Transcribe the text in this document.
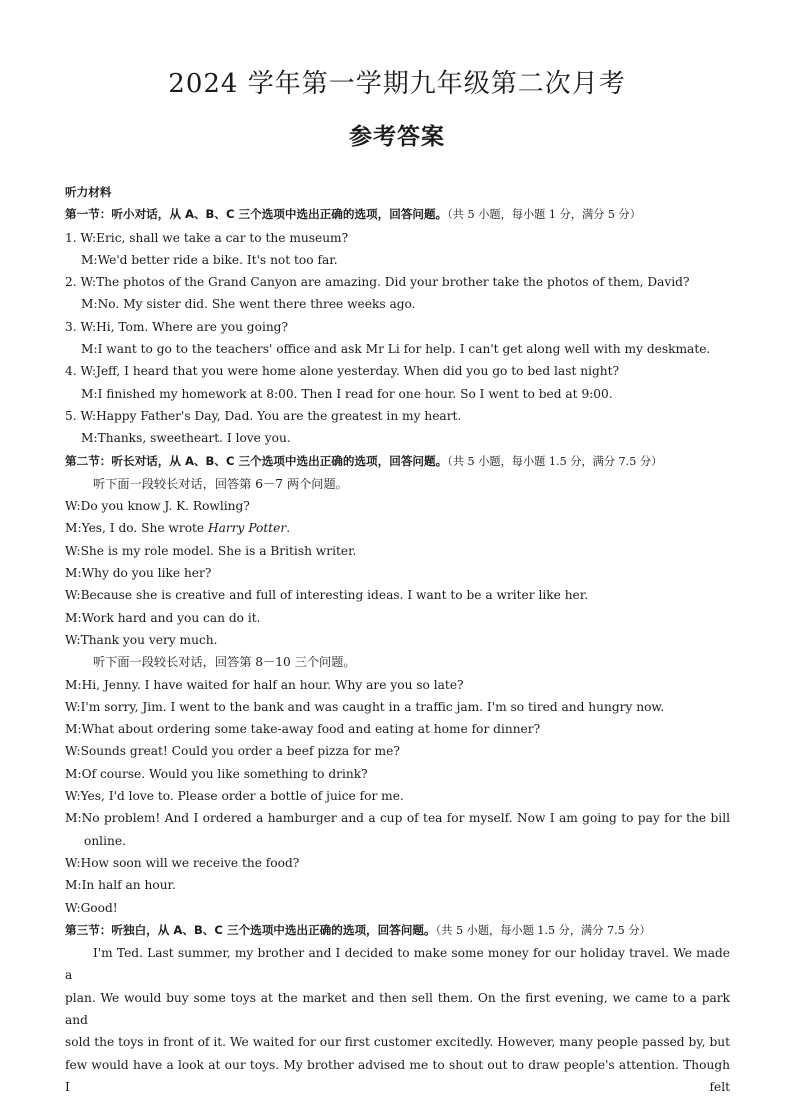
2024 学年第一学期九年级第二次月考
参考答案
听力材料
第一节：听小对话，从 A、B、C 三个选项中选出正确的选项，回答问题。（共 5 小题，每小题 1 分，满分 5 分）
1. W:Eric, shall we take a car to the museum?
M:We'd better ride a bike. It's not too far.
2. W:The photos of the Grand Canyon are amazing. Did your brother take the photos of them, David?
M:No. My sister did. She went there three weeks ago.
3. W:Hi, Tom. Where are you going?
M:I want to go to the teachers' office and ask Mr Li for help. I can't get along well with my deskmate.
4. W:Jeff, I heard that you were home alone yesterday. When did you go to bed last night?
M:I finished my homework at 8:00. Then I read for one hour. So I went to bed at 9:00.
5. W:Happy Father's Day, Dad. You are the greatest in my heart.
M:Thanks, sweetheart. I love you.
第二节：听长对话，从 A、B、C 三个选项中选出正确的选项，回答问题。（共 5 小题，每小题 1.5 分，满分 7.5 分）
听下面一段较长对话，回答第 6－7 两个问题。
W:Do you know J. K. Rowling?
M:Yes, I do. She wrote Harry Potter.
W:She is my role model. She is a British writer.
M:Why do you like her?
W:Because she is creative and full of interesting ideas. I want to be a writer like her.
M:Work hard and you can do it.
W:Thank you very much.
听下面一段较长对话，回答第 8－10 三个问题。
M:Hi, Jenny. I have waited for half an hour. Why are you so late?
W:I'm sorry, Jim. I went to the bank and was caught in a traffic jam. I'm so tired and hungry now.
M:What about ordering some take-away food and eating at home for dinner?
W:Sounds great! Could you order a beef pizza for me?
M:Of course. Would you like something to drink?
W:Yes, I'd love to. Please order a bottle of juice for me.
M:No problem! And I ordered a hamburger and a cup of tea for myself. Now I am going to pay for the bill
online.
W:How soon will we receive the food?
M:In half an hour.
W:Good!
第三节：听独白，从 A、B、C 三个选项中选出正确的选项，回答问题。（共 5 小题，每小题 1.5 分，满分 7.5 分）
I'm Ted. Last summer, my brother and I decided to make some money for our holiday travel. We made a
plan. We would buy some toys at the market and then sell them. On the first evening, we came to a park and
sold the toys in front of it. We waited for our first customer excitedly. However, many people passed by, but
few would have a look at our toys. My brother advised me to shout out to draw people's attention. Though I felt
